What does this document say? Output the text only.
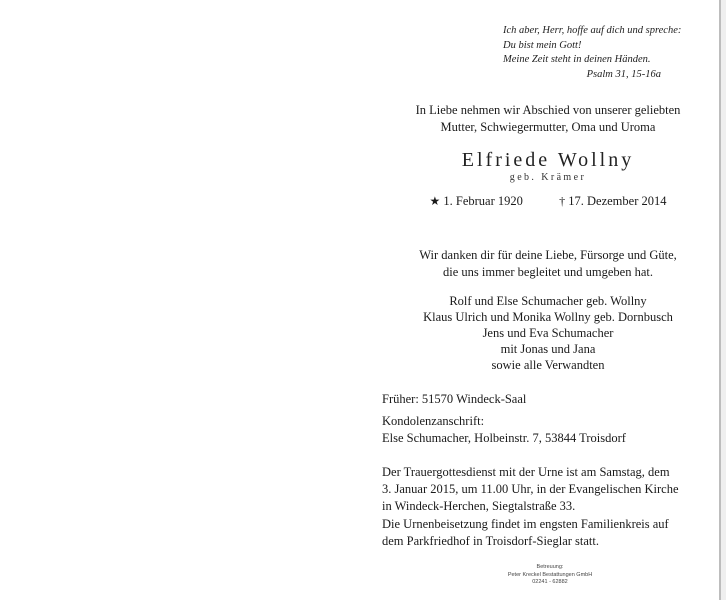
Ich aber, Herr, hoffe auf dich und spreche:
Du bist mein Gott!
Meine Zeit steht in deinen Händen.
Psalm 31, 15-16a
In Liebe nehmen wir Abschied von unserer geliebten
Mutter, Schwiegermutter, Oma und Uroma
Elfriede Wollny
geb. Krämer
★ 1. Februar 1920	† 17. Dezember 2014
Wir danken dir für deine Liebe, Fürsorge und Güte,
die uns immer begleitet und umgeben hat.
Rolf und Else Schumacher geb. Wollny
Klaus Ulrich und Monika Wollny geb. Dornbusch
Jens und Eva Schumacher
mit Jonas und Jana
sowie alle Verwandten
Früher: 51570 Windeck-Saal
Kondolenzanschrift:
Else Schumacher, Holbeinstr. 7, 53844 Troisdorf
Der Trauergottesdienst mit der Urne ist am Samstag, dem
3. Januar 2015, um 11.00 Uhr, in der Evangelischen Kirche
in Windeck-Herchen, Siegtalstraße 33.
Die Urnenbeisetzung findet im engsten Familienkreis auf
dem Parkfriedhof in Troisdorf-Sieglar statt.
Betreuung:
Peter Kreckel Bestattungen GmbH
02241 - 62882
